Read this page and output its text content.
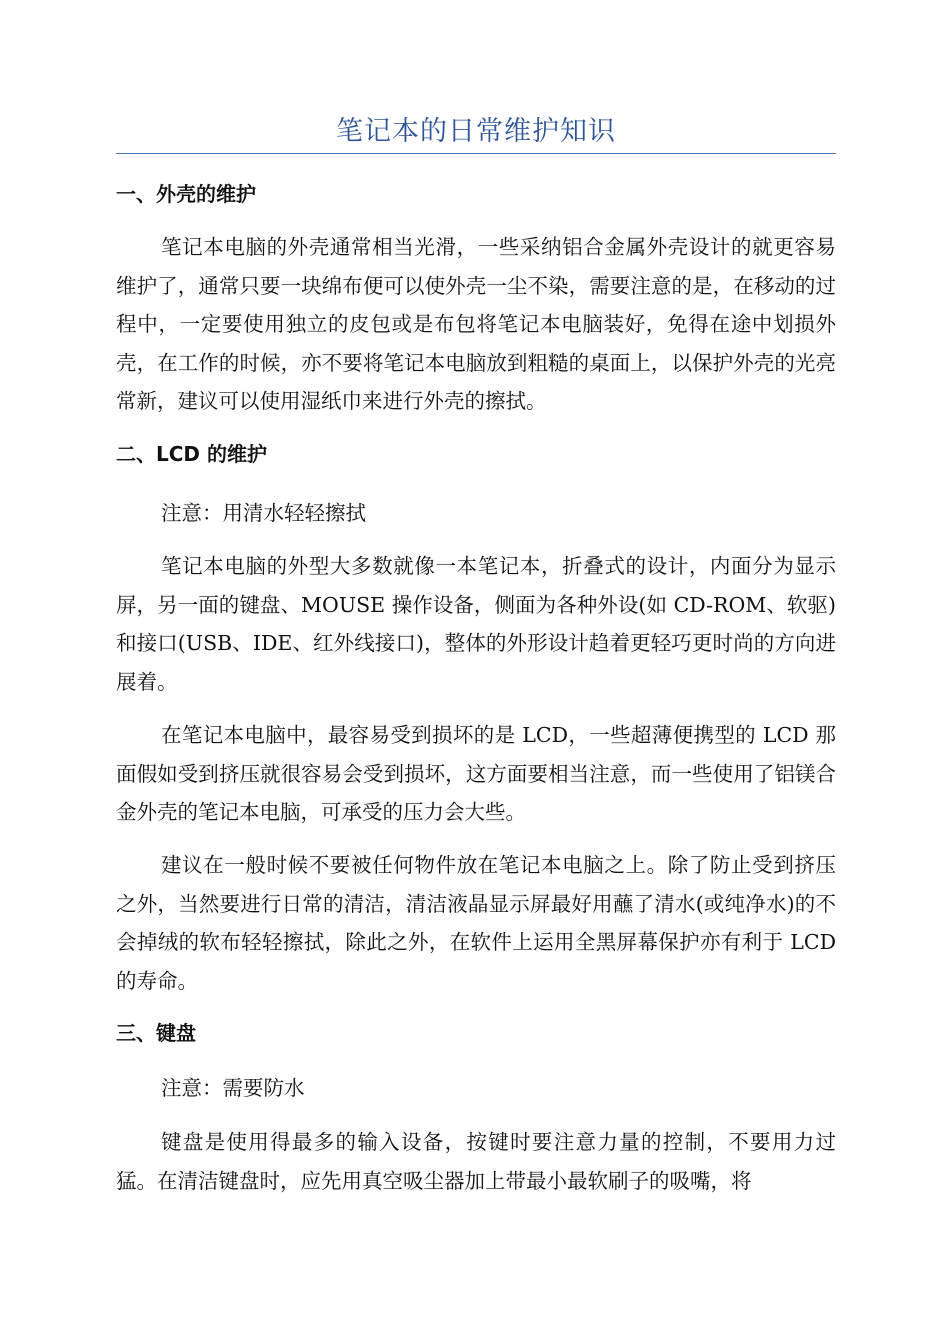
笔记本的日常维护知识
一、外壳的维护

笔记本电脑的外壳通常相当光滑，一些采纳铝合金属外壳设计的就更容易维护了，通常只要一块绵布便可以使外壳一尘不染，需要注意的是，在移动的过程中，一定要使用独立的皮包或是布包将笔记本电脑装好，免得在途中划损外壳，在工作的时候，亦不要将笔记本电脑放到粗糙的桌面上，以保护外壳的光亮常新，建议可以使用湿纸巾来进行外壳的擦拭。

二、LCD 的维护

注意：用清水轻轻擦拭

笔记本电脑的外型大多数就像一本笔记本，折叠式的设计，内面分为显示屏，另一面的键盘、MOUSE 操作设备，侧面为各种外设(如 CD-ROM、软驱)和接口(USB、IDE、红外线接口)，整体的外形设计趋着更轻巧更时尚的方向进展着。

在笔记本电脑中，最容易受到损坏的是 LCD，一些超薄便携型的 LCD 那面假如受到挤压就很容易会受到损坏，这方面要相当注意，而一些使用了铝镁合金外壳的笔记本电脑，可承受的压力会大些。

建议在一般时候不要被任何物件放在笔记本电脑之上。除了防止受到挤压之外，当然要进行日常的清洁，清洁液晶显示屏最好用蘸了清水(或纯净水)的不会掉绒的软布轻轻擦拭，除此之外，在软件上运用全黑屏幕保护亦有利于 LCD 的寿命。

三、键盘

注意：需要防水

键盘是使用得最多的输入设备，按键时要注意力量的控制，不要用力过猛。在清洁键盘时，应先用真空吸尘器加上带最小最软刷子的吸嘴，将
